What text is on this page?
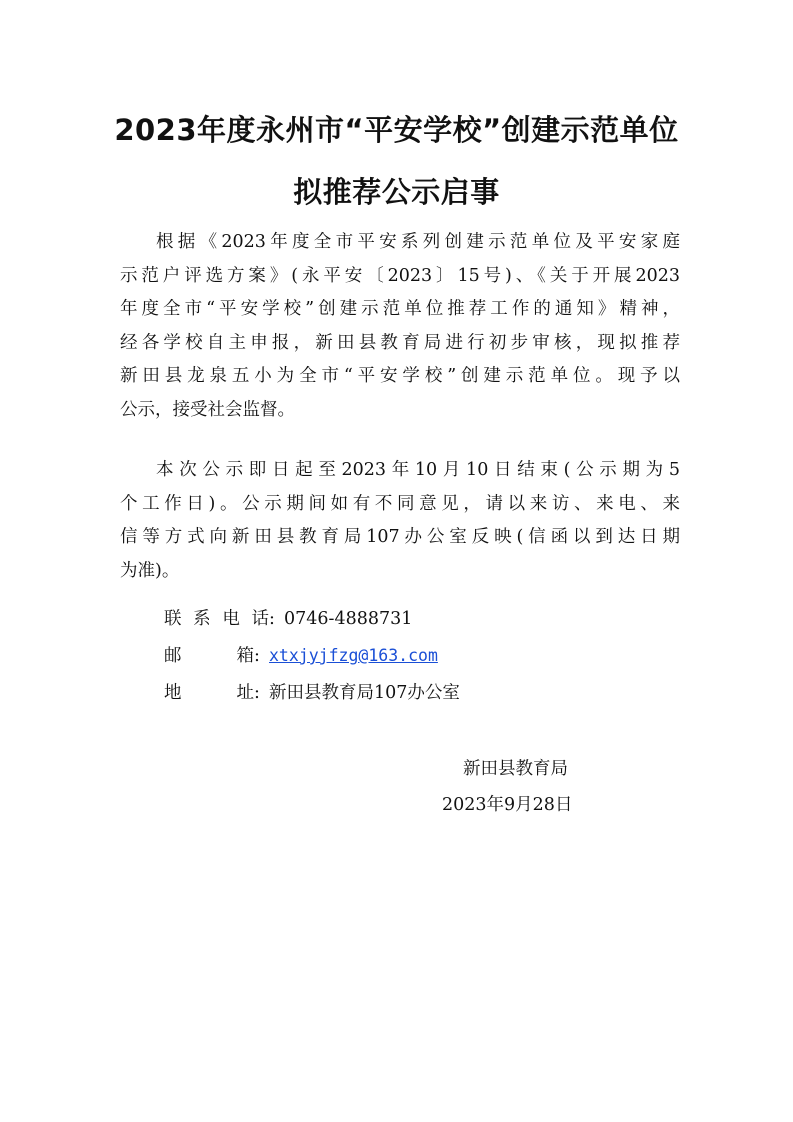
2023年度永州市“平安学校”创建示范单位
拟推荐公示启事
根据《2023年度全市平安系列创建示范单位及平安家庭
示范户评选方案》(永平安〔2023〕15号)、《关于开展2023
年度全市“平安学校”创建示范单位推荐工作的通知》精神，
经各学校自主申报，新田县教育局进行初步审核，现拟推荐
新田县龙泉五小为全市“平安学校”创建示范单位。现予以
公示，接受社会监督。
本次公示即日起至2023年10月10日结束(公示期为5
个工作日)。公示期间如有不同意见，请以来访、来电、来
信等方式向新田县教育局107办公室反映(信函以到达日期
为准)。
联系电话: 0746-4888731
邮	箱: xtxjyjfzg@163.com
地	址: 新田县教育局107办公室
新田县教育局
2023年9月28日
